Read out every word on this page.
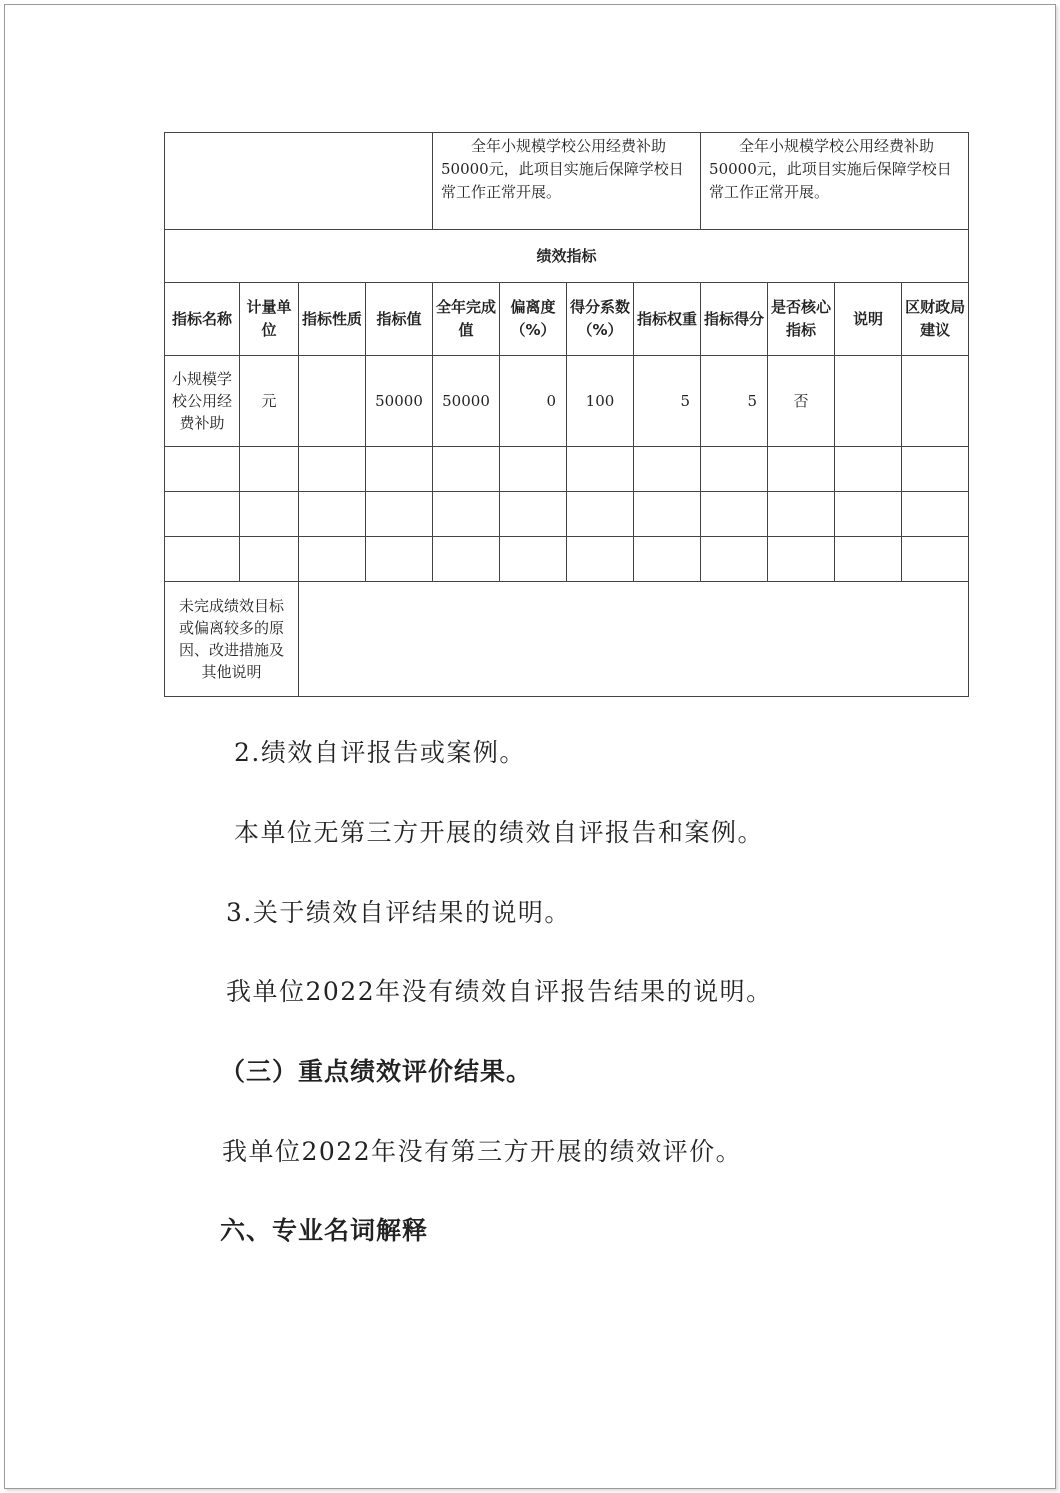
				全年小规模学校公用经费补助50000元，此项目实施后保障学校日常工作正常开展。				全年小规模学校公用经费补助50000元，此项目实施后保障学校日常工作正常开展。			
绩效指标											
指标名称	计量单位	指标性质	指标值	全年完成值	偏离度（%）	得分系数（%）	指标权重	指标得分	是否核心指标	说明	区财政局建议
小规模学校公用经费补助	元		50000	50000	0	100	5	5	否		

未完成绩效目标或偏离较多的原因、改进措施及其他说明											
2.绩效自评报告或案例。
本单位无第三方开展的绩效自评报告和案例。
3.关于绩效自评结果的说明。
我单位2022年没有绩效自评报告结果的说明。
（三）重点绩效评价结果。
我单位2022年没有第三方开展的绩效评价。
六、专业名词解释
